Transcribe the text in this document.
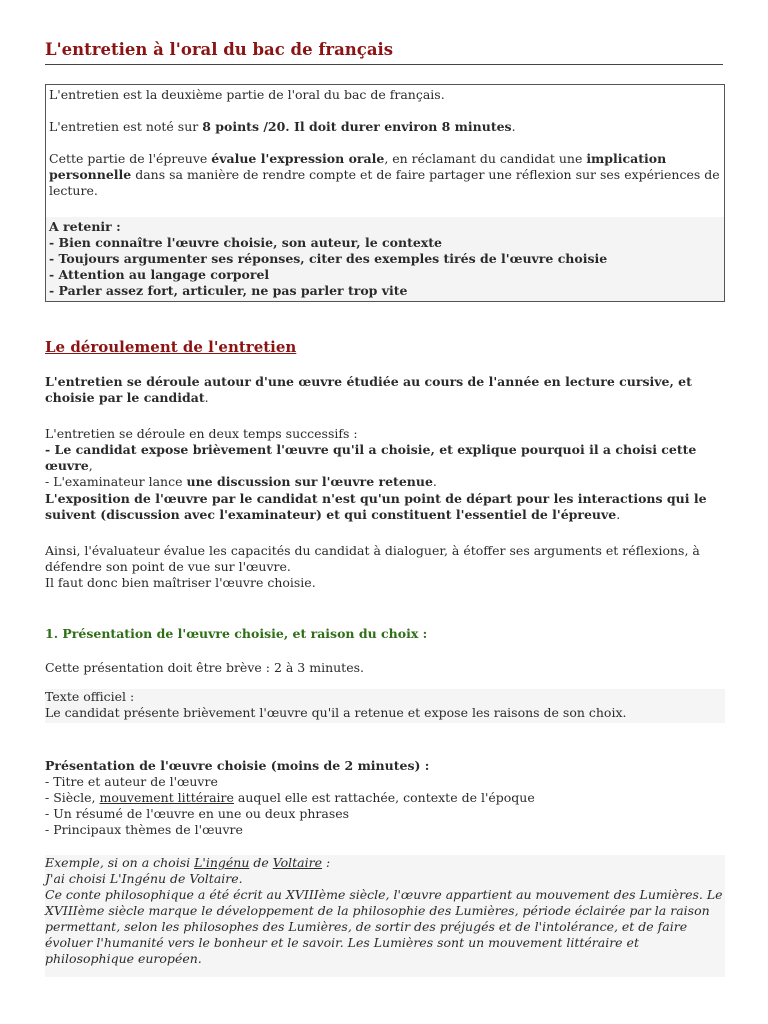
L'entretien à l'oral du bac de français

L'entretien est la deuxième partie de l'oral du bac de français.

L'entretien est noté sur 8 points /20. Il doit durer environ 8 minutes.

Cette partie de l'épreuve évalue l'expression orale, en réclamant du candidat une implication personnelle dans sa manière de rendre compte et de faire partager une réflexion sur ses expériences de lecture.

A retenir :
- Bien connaître l'œuvre choisie, son auteur, le contexte
- Toujours argumenter ses réponses, citer des exemples tirés de l'œuvre choisie
- Attention au langage corporel
- Parler assez fort, articuler, ne pas parler trop vite
Le déroulement de l'entretien

L'entretien se déroule autour d'une œuvre étudiée au cours de l'année en lecture cursive, et choisie par le candidat.

L'entretien se déroule en deux temps successifs :

- Le candidat expose brièvement l'œuvre qu'il a choisie, et explique pourquoi il a choisi cette œuvre,

- L'examinateur lance une discussion sur l'œuvre retenue.

L'exposition de l'œuvre par le candidat n'est qu'un point de départ pour les interactions qui le suivent (discussion avec l'examinateur) et qui constituent l'essentiel de l'épreuve.

Ainsi, l'évaluateur évalue les capacités du candidat à dialoguer, à étoffer ses arguments et réflexions, à défendre son point de vue sur l'œuvre.

Il faut donc bien maîtriser l'œuvre choisie.

1. Présentation de l'œuvre choisie, et raison du choix :
Cette présentation doit être brève : 2 à 3 minutes.

Texte officiel :

Le candidat présente brièvement l'œuvre qu'il a retenue et expose les raisons de son choix.

Présentation de l'œuvre choisie (moins de 2 minutes) :

- Titre et auteur de l'œuvre

- Siècle, mouvement littéraire auquel elle est rattachée, contexte de l'époque

- Un résumé de l'œuvre en une ou deux phrases

- Principaux thèmes de l'œuvre

Exemple, si on a choisi L'ingénu de Voltaire :

J'ai choisi L'Ingénu de Voltaire.

Ce conte philosophique a été écrit au XVIIIème siècle, l'œuvre appartient au mouvement des Lumières. Le XVIIIème siècle marque le développement de la philosophie des Lumières, période éclairée par la raison permettant, selon les philosophes des Lumières, de sortir des préjugés et de l'intolérance, et de faire évoluer l'humanité vers le bonheur et le savoir. Les Lumières sont un mouvement littéraire et philosophique européen.
